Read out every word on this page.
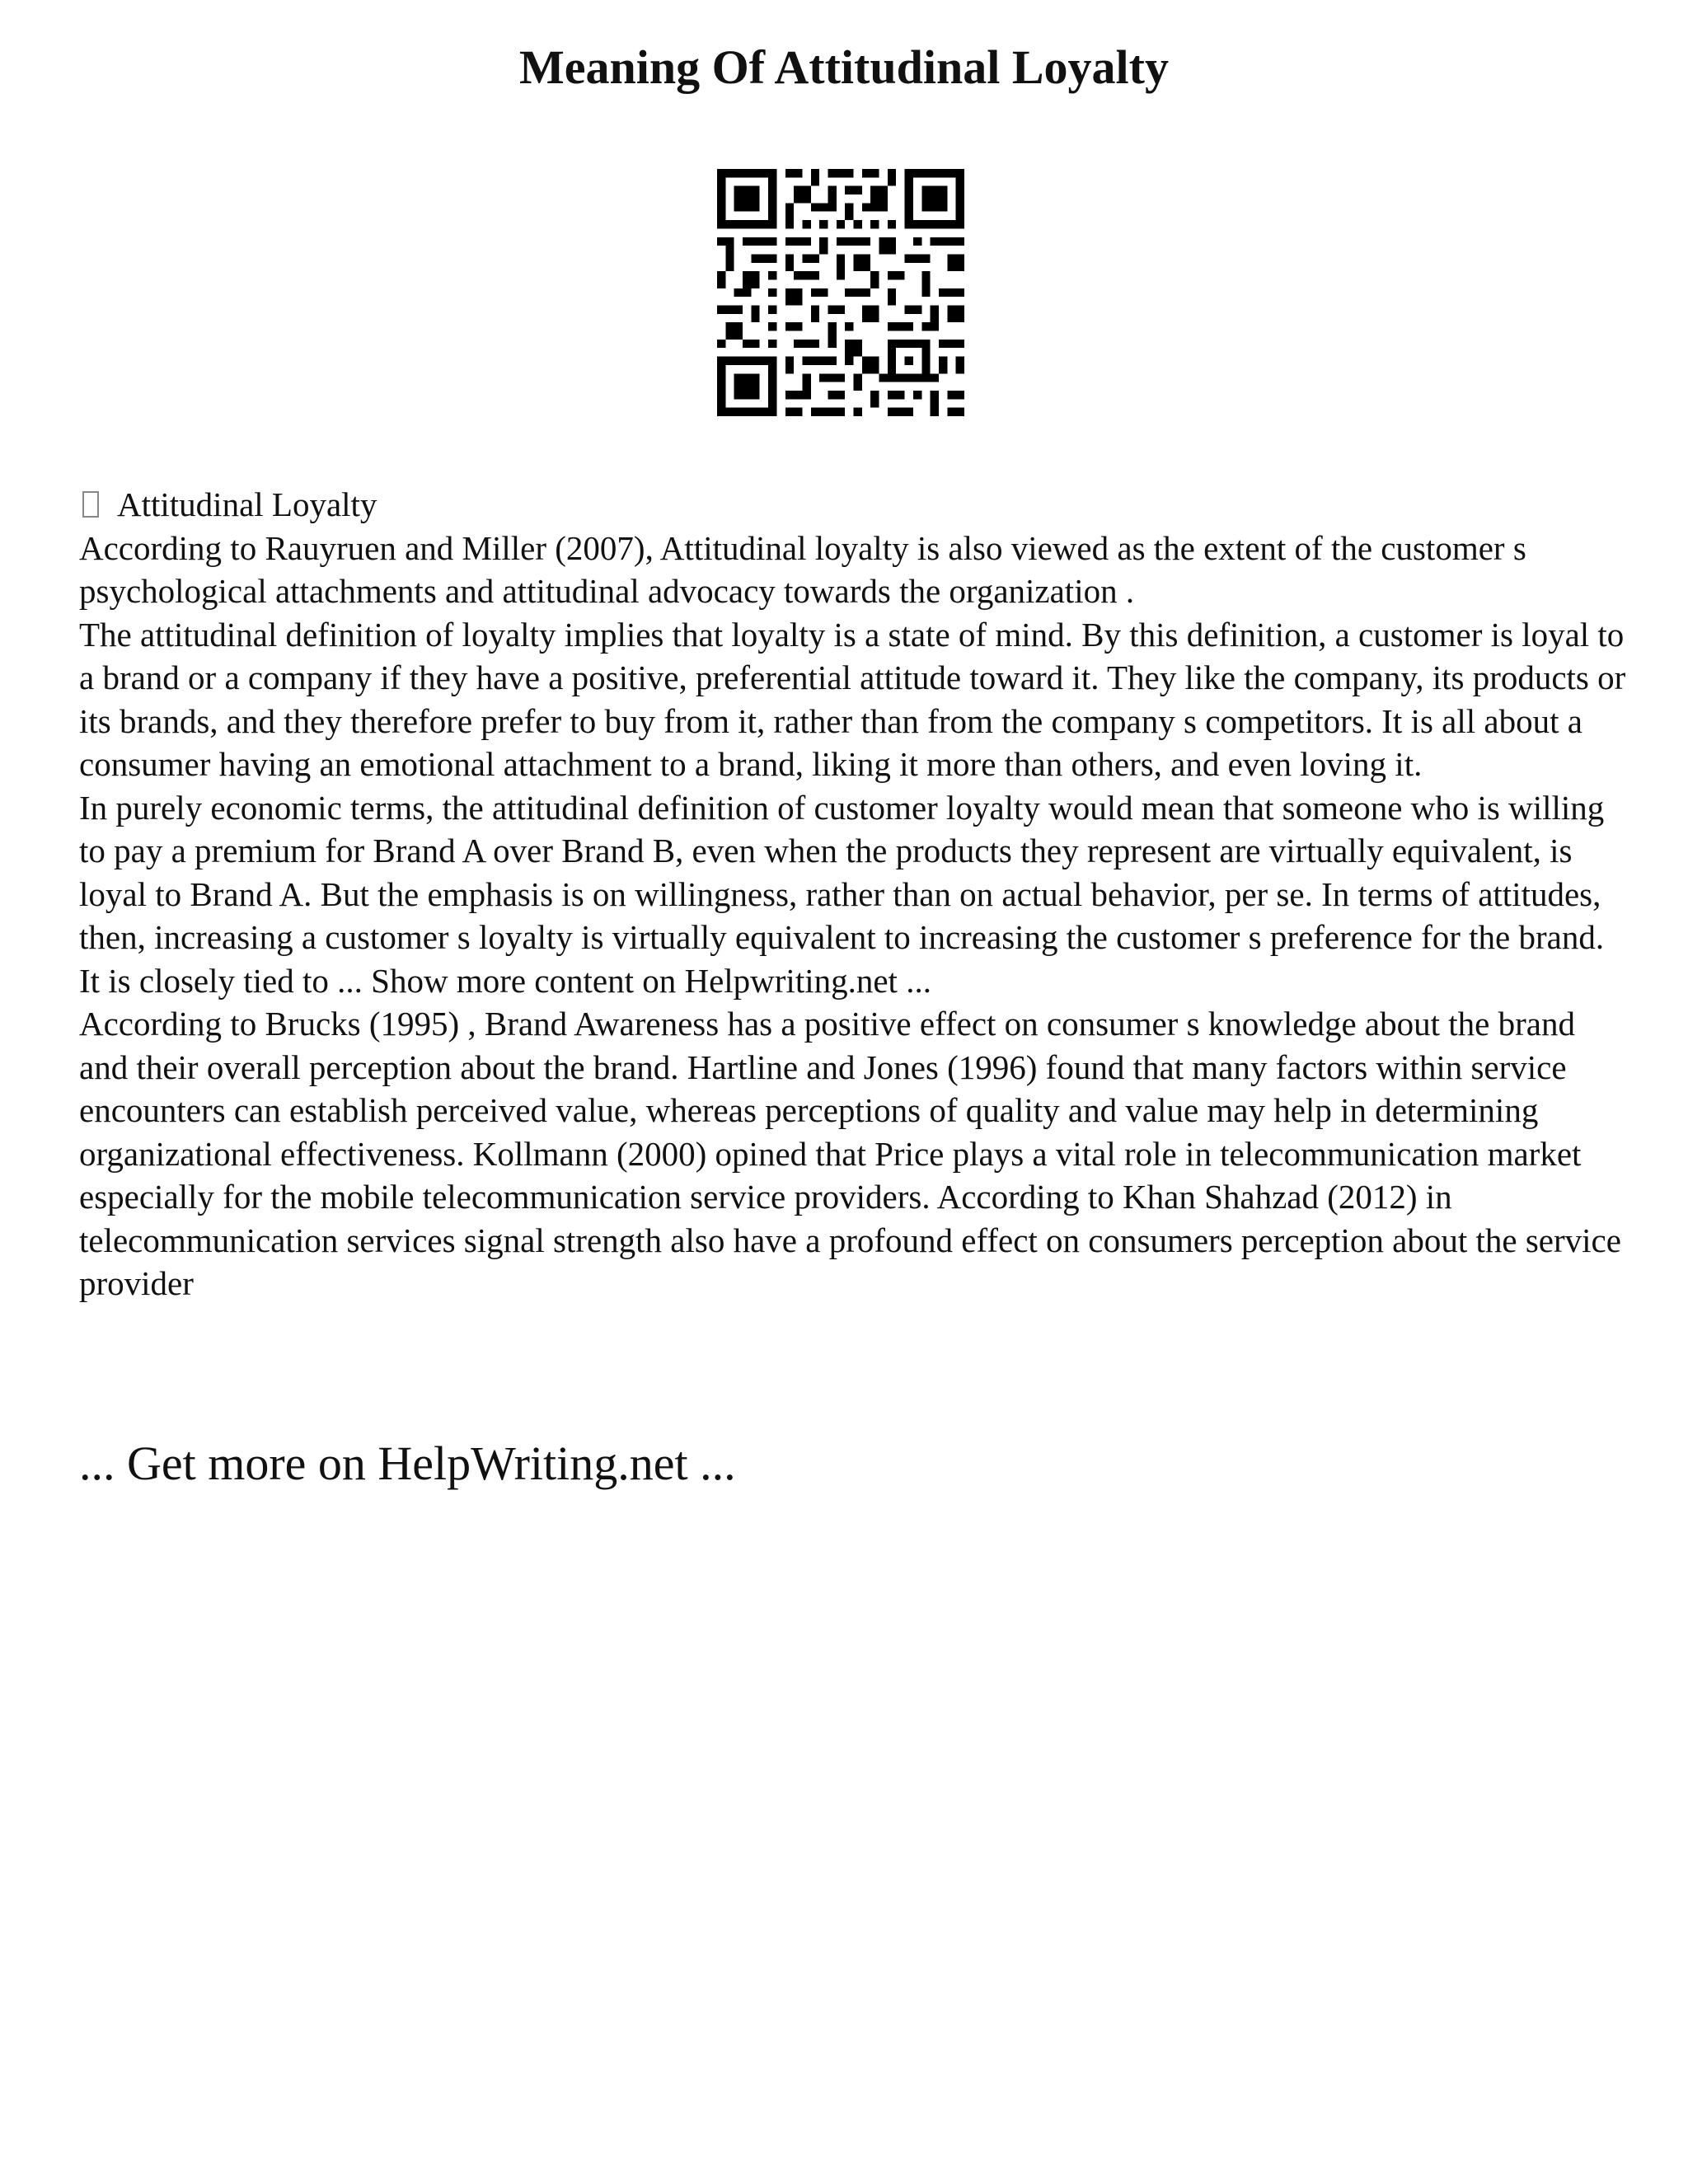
Meaning Of Attitudinal Loyalty

Attitudinal Loyalty

According to Rauyruen and Miller (2007), Attitudinal loyalty is also viewed as the extent of the customer s psychological attachments and attitudinal advocacy towards the organization .

The attitudinal definition of loyalty implies that loyalty is a state of mind. By this definition, a customer is loyal to a brand or a company if they have a positive, preferential attitude toward it. They like the company, its products or its brands, and they therefore prefer to buy from it, rather than from the company s competitors. It is all about a consumer having an emotional attachment to a brand, liking it more than others, and even loving it.

In purely economic terms, the attitudinal definition of customer loyalty would mean that someone who is willing to pay a premium for Brand A over Brand B, even when the products they represent are virtually equivalent, is loyal to Brand A. But the emphasis is on willingness, rather than on actual behavior, per se. In terms of attitudes, then, increasing a customer s loyalty is virtually equivalent to increasing the customer s preference for the brand. It is closely tied to ... Show more content on Helpwriting.net ...

According to Brucks (1995) , Brand Awareness has a positive effect on consumer s knowledge about the brand and their overall perception about the brand. Hartline and Jones (1996) found that many factors within service encounters can establish perceived value, whereas perceptions of quality and value may help in determining organizational effectiveness. Kollmann (2000) opined that Price plays a vital role in telecommunication market especially for the mobile telecommunication service providers. According to Khan Shahzad (2012) in telecommunication services signal strength also have a profound effect on consumers perception about the service provider

... Get more on HelpWriting.net ...
